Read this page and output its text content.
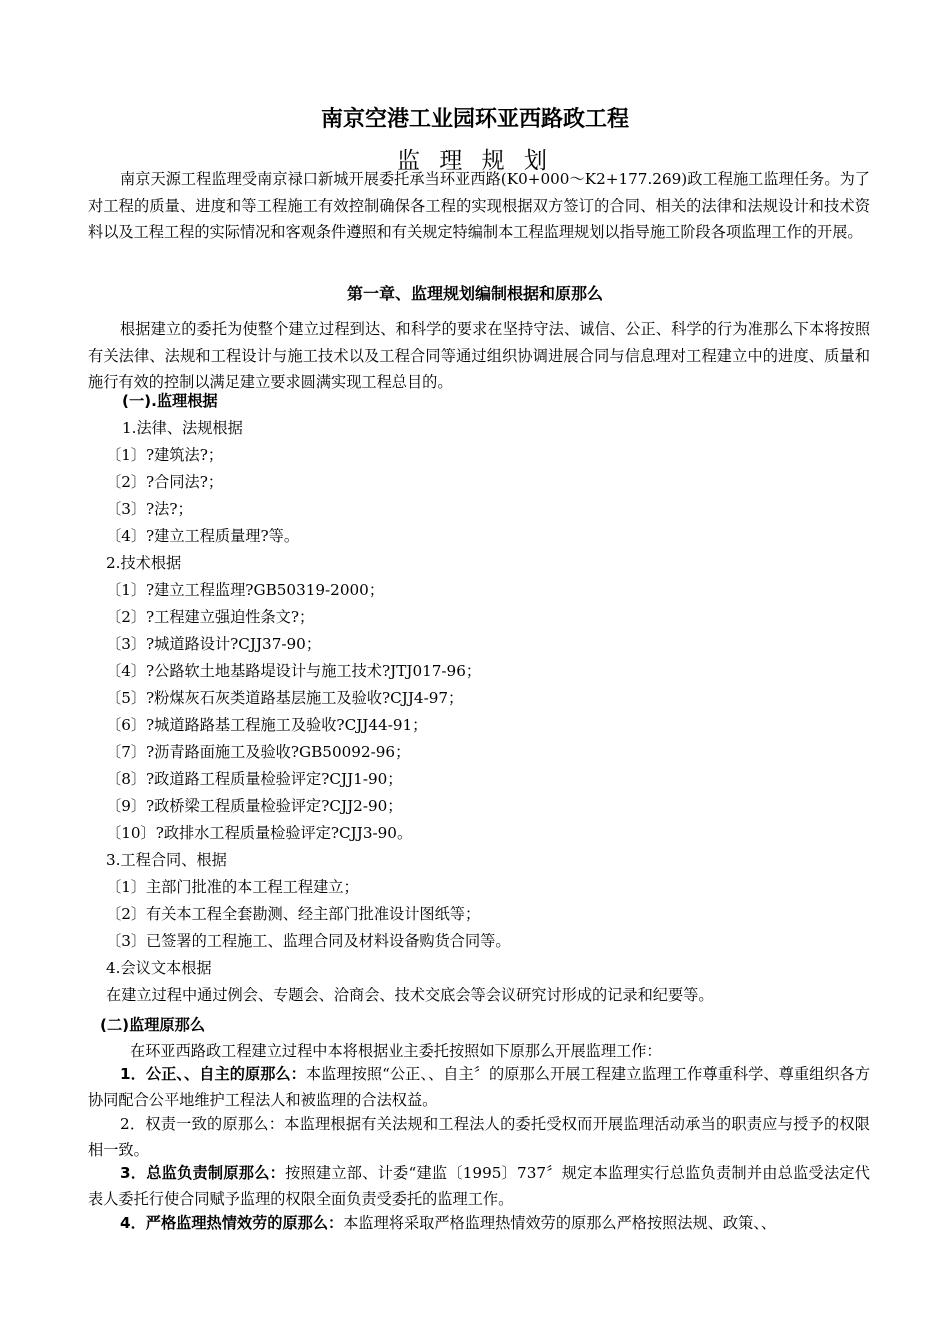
南京空港工业园环亚西路政工程
监 理 规 划

南京天源工程监理受南京禄口新城开展委托承当环亚西路(K0+000～K2+177.269)政工程施工监理任务。为了对工程的质量、进度和等工程施工有效控制确保各工程的实现根据双方签订的合同、相关的法律和法规设计和技术资料以及工程工程的实际情况和客观条件遵照和有关规定特编制本工程监理规划以指导施工阶段各项监理工作的开展。

第一章、监理规划编制根据和原那么

根据建立的委托为使整个建立过程到达、和科学的要求在坚持守法、诚信、公正、科学的行为准那么下本将按照有关法律、法规和工程设计与施工技术以及工程合同等通过组织协调进展合同与信息理对工程建立中的进度、质量和施行有效的控制以满足建立要求圆满实现工程总目的。

(一).监理根据
1.法律、法规根据
〔1〕?建筑法?；
〔2〕?合同法?；
〔3〕?法?；
〔4〕?建立工程质量理?等。
2.技术根据
〔1〕?建立工程监理?GB50319-2000；
〔2〕?工程建立强迫性条文?；
〔3〕?城道路设计?CJJ37-90；
〔4〕?公路软土地基路堤设计与施工技术?JTJ017-96；
〔5〕?粉煤灰石灰类道路基层施工及验收?CJJ4-97；
〔6〕?城道路路基工程施工及验收?CJJ44-91；
〔7〕?沥青路面施工及验收?GB50092-96；
〔8〕?政道路工程质量检验评定?CJJ1-90；
〔9〕?政桥梁工程质量检验评定?CJJ2-90；
〔10〕?政排水工程质量检验评定?CJJ3-90。
3.工程合同、根据
〔1〕主部门批准的本工程工程建立；
〔2〕有关本工程全套勘测、经主部门批准设计图纸等；
〔3〕已签署的工程施工、监理合同及材料设备购货合同等。
4.会议文本根据
在建立过程中通过例会、专题会、洽商会、技术交底会等会议研究讨形成的记录和纪要等。
(二)监理原那么
在环亚西路政工程建立过程中本将根据业主委托按照如下原那么开展监理工作：

1．公正、、自主的原那么：本监理按照“公正、、自主〞的原那么开展工程建立监理工作尊重科学、尊重组织各方协同配合公平地维护工程法人和被监理的合法权益。

2．权责一致的原那么：本监理根据有关法规和工程法人的委托受权而开展监理活动承当的职责应与授予的权限相一致。

3．总监负责制原那么：按照建立部、计委“建监〔1995〕737〞规定本监理实行总监负责制并由总监受法定代表人委托行使合同赋予监理的权限全面负责受委托的监理工作。

4．严格监理热情效劳的原那么：本监理将采取严格监理热情效劳的原那么严格按照法规、政策、、
